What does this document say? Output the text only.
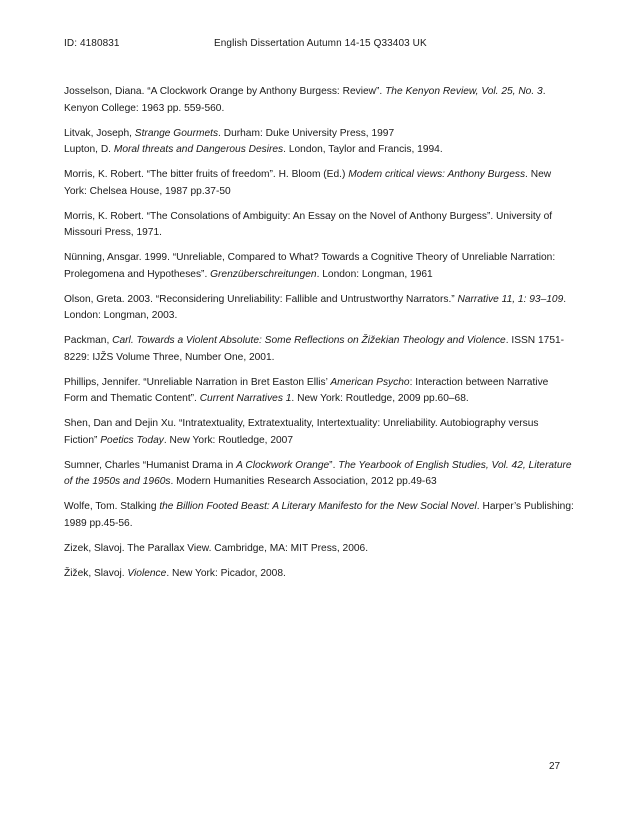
ID: 4180831	English Dissertation Autumn 14-15 Q33403 UK

Josselson, Diana. “A Clockwork Orange by Anthony Burgess: Review”. The Kenyon Review, Vol. 25, No. 3. Kenyon College: 1963 pp. 559-560.

Litvak, Joseph, Strange Gourmets. Durham: Duke University Press, 1997

Lupton, D. Moral threats and Dangerous Desires. London, Taylor and Francis, 1994.

Morris, K. Robert. “The bitter fruits of freedom”. H. Bloom (Ed.) Modem critical views: Anthony Burgess. New York: Chelsea House, 1987 pp.37-50

Morris, K. Robert. “The Consolations of Ambiguity: An Essay on the Novel of Anthony Burgess”. University of Missouri Press, 1971.

Nünning, Ansgar. 1999. “Unreliable, Compared to What? Towards a Cognitive Theory of Unreliable Narration: Prolegomena and Hypotheses”. Grenzüberschreitungen. London: Longman, 1961

Olson, Greta. 2003. “Reconsidering Unreliability: Fallible and Untrustworthy Narrators.” Narrative 11, 1: 93–109. London: Longman, 2003.

Packman, Carl. Towards a Violent Absolute: Some Reflections on Žižekian Theology and Violence. ISSN 1751-8229: IJŽS Volume Three, Number One, 2001.

Phillips, Jennifer. “Unreliable Narration in Bret Easton Ellis’ American Psycho: Interaction between Narrative Form and Thematic Content”. Current Narratives 1. New York: Routledge, 2009 pp.60–68.

Shen, Dan and Dejin Xu. “Intratextuality, Extratextuality, Intertextuality: Unreliability. Autobiography versus Fiction” Poetics Today. New York: Routledge, 2007

Sumner, Charles “Humanist Drama in A Clockwork Orange”. The Yearbook of English Studies, Vol. 42, Literature of the 1950s and 1960s. Modern Humanities Research Association, 2012 pp.49-63

Wolfe, Tom. Stalking the Billion Footed Beast: A Literary Manifesto for the New Social Novel. Harper’s Publishing: 1989 pp.45-56.

Zizek, Slavoj. The Parallax View. Cambridge, MA: MIT Press, 2006.

Žižek, Slavoj. Violence. New York: Picador, 2008.

27
